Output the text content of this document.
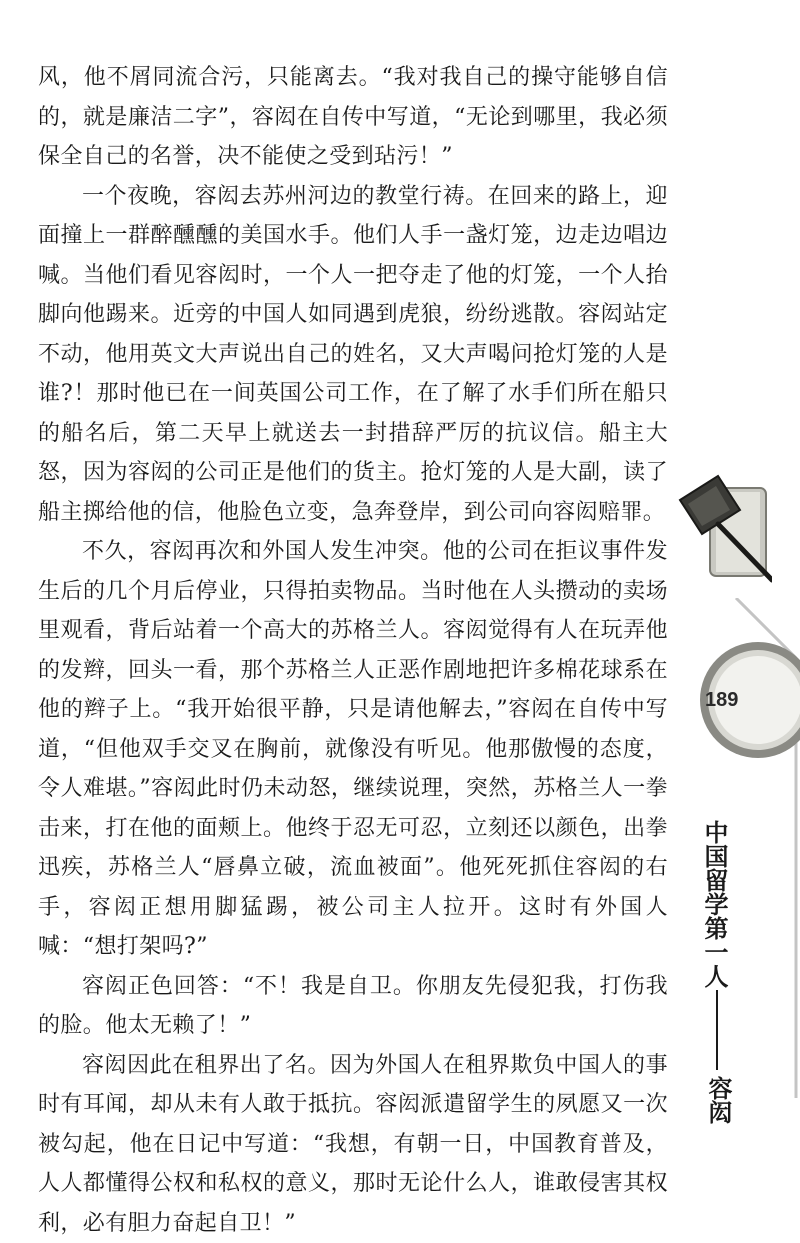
风，他不屑同流合污，只能离去。“我对我自己的操守能够自信的，就是廉洁二字”，容闳在自传中写道，“无论到哪里，我必须保全自己的名誉，决不能使之受到玷污！”

一个夜晚，容闳去苏州河边的教堂行祷。在回来的路上，迎面撞上一群醉醺醺的美国水手。他们人手一盏灯笼，边走边唱边喊。当他们看见容闳时，一个人一把夺走了他的灯笼，一个人抬脚向他踢来。近旁的中国人如同遇到虎狼，纷纷逃散。容闳站定不动，他用英文大声说出自己的姓名，又大声喝问抢灯笼的人是谁?！那时他已在一间英国公司工作，在了解了水手们所在船只的船名后，第二天早上就送去一封措辞严厉的抗议信。船主大怒，因为容闳的公司正是他们的货主。抢灯笼的人是大副，读了船主掷给他的信，他脸色立变，急奔登岸，到公司向容闳赔罪。

不久，容闳再次和外国人发生冲突。他的公司在拒议事件发生后的几个月后停业，只得拍卖物品。当时他在人头攒动的卖场里观看，背后站着一个高大的苏格兰人。容闳觉得有人在玩弄他的发辫，回头一看，那个苏格兰人正恶作剧地把许多棉花球系在他的辫子上。“我开始很平静，只是请他解去，”容闳在自传中写道，“但他双手交叉在胸前，就像没有听见。他那傲慢的态度，令人难堪。”容闳此时仍未动怒，继续说理，突然，苏格兰人一拳击来，打在他的面颊上。他终于忍无可忍，立刻还以颜色，出拳迅疾，苏格兰人“唇鼻立破，流血被面”。他死死抓住容闳的右手，容闳正想用脚猛踢，被公司主人拉开。这时有外国人喊：“想打架吗?”

容闳正色回答：“不！我是自卫。你朋友先侵犯我，打伤我的脸。他太无赖了！”

容闳因此在租界出了名。因为外国人在租界欺负中国人的事时有耳闻，却从未有人敢于抵抗。容闳派遣留学生的夙愿又一次被勾起，他在日记中写道：“我想，有朝一日，中国教育普及，人人都懂得公权和私权的意义，那时无论什么人，谁敢侵害其权利，必有胆力奋起自卫！”

189
中国留学第一人
容闳
